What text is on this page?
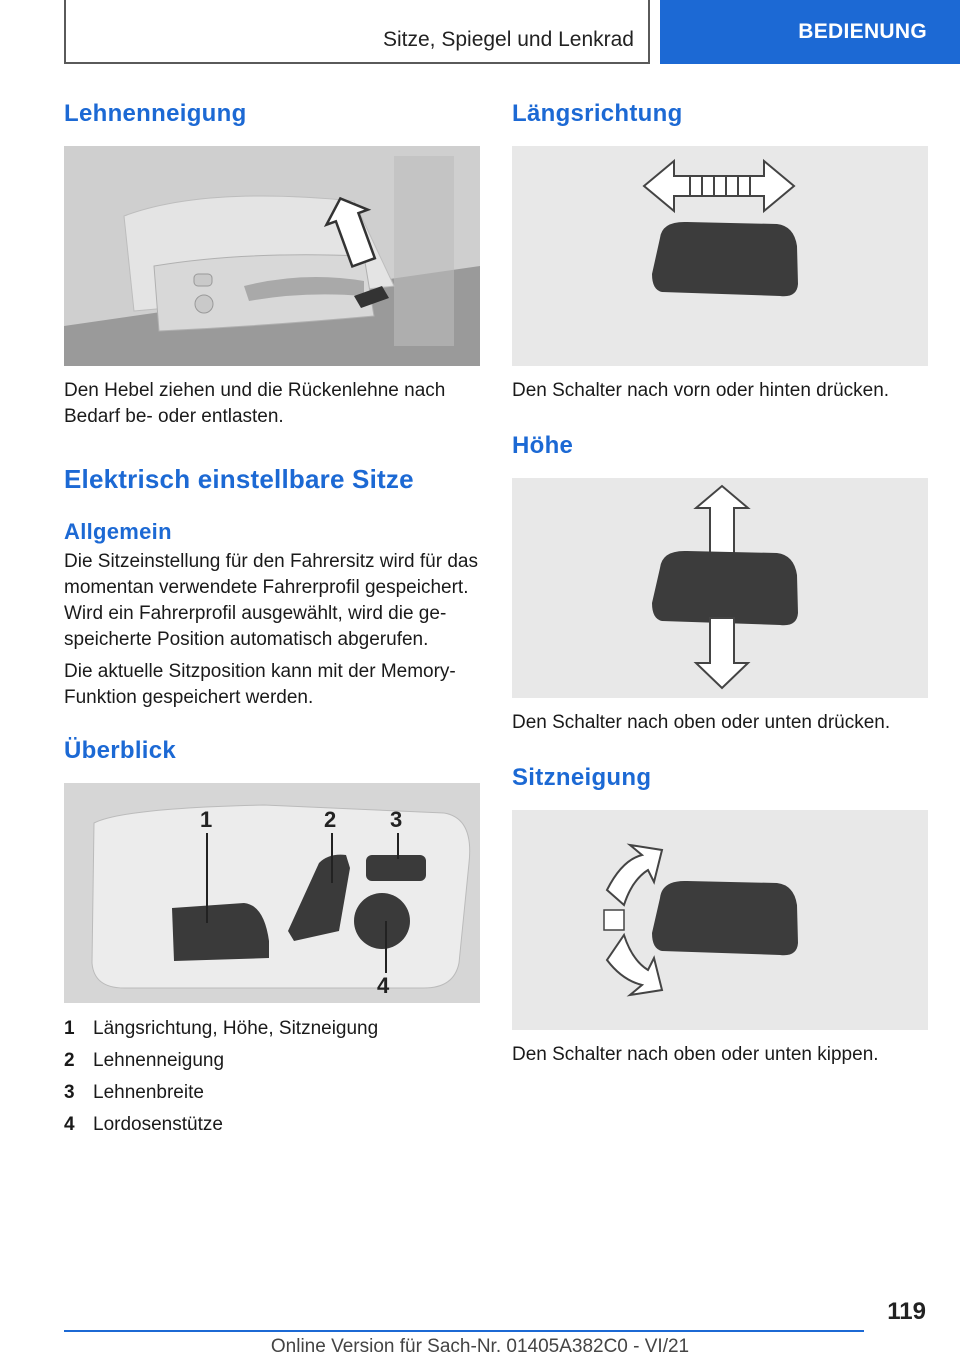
Sitze, Spiegel und Lenkrad	BEDIENUNG
Lehnenneigung

Den Hebel ziehen und die Rückenlehne nach Bedarf be- oder entlasten.

Elektrisch einstellbare Sitze
Allgemein

Die Sitzeinstellung für den Fahrersitz wird für das momentan verwendete Fahrerprofil gespeichert. Wird ein Fahrerprofil ausgewählt, wird die gespeicherte Position automatisch abgerufen.

Die aktuelle Sitzposition kann mit der Memory-Funktion gespeichert werden.

Überblick
1	2 3
4
1 Längsrichtung, Höhe, Sitzneigung
2 Lehnenneigung
3 Lehnenbreite
4 Lordosenstütze
Längsrichtung

Den Schalter nach vorn oder hinten drücken.

Höhe

Den Schalter nach oben oder unten drücken.

Sitzneigung

Den Schalter nach oben oder unten kippen.

119
Online Version für Sach-Nr. 01405A382C0 - VI/21
